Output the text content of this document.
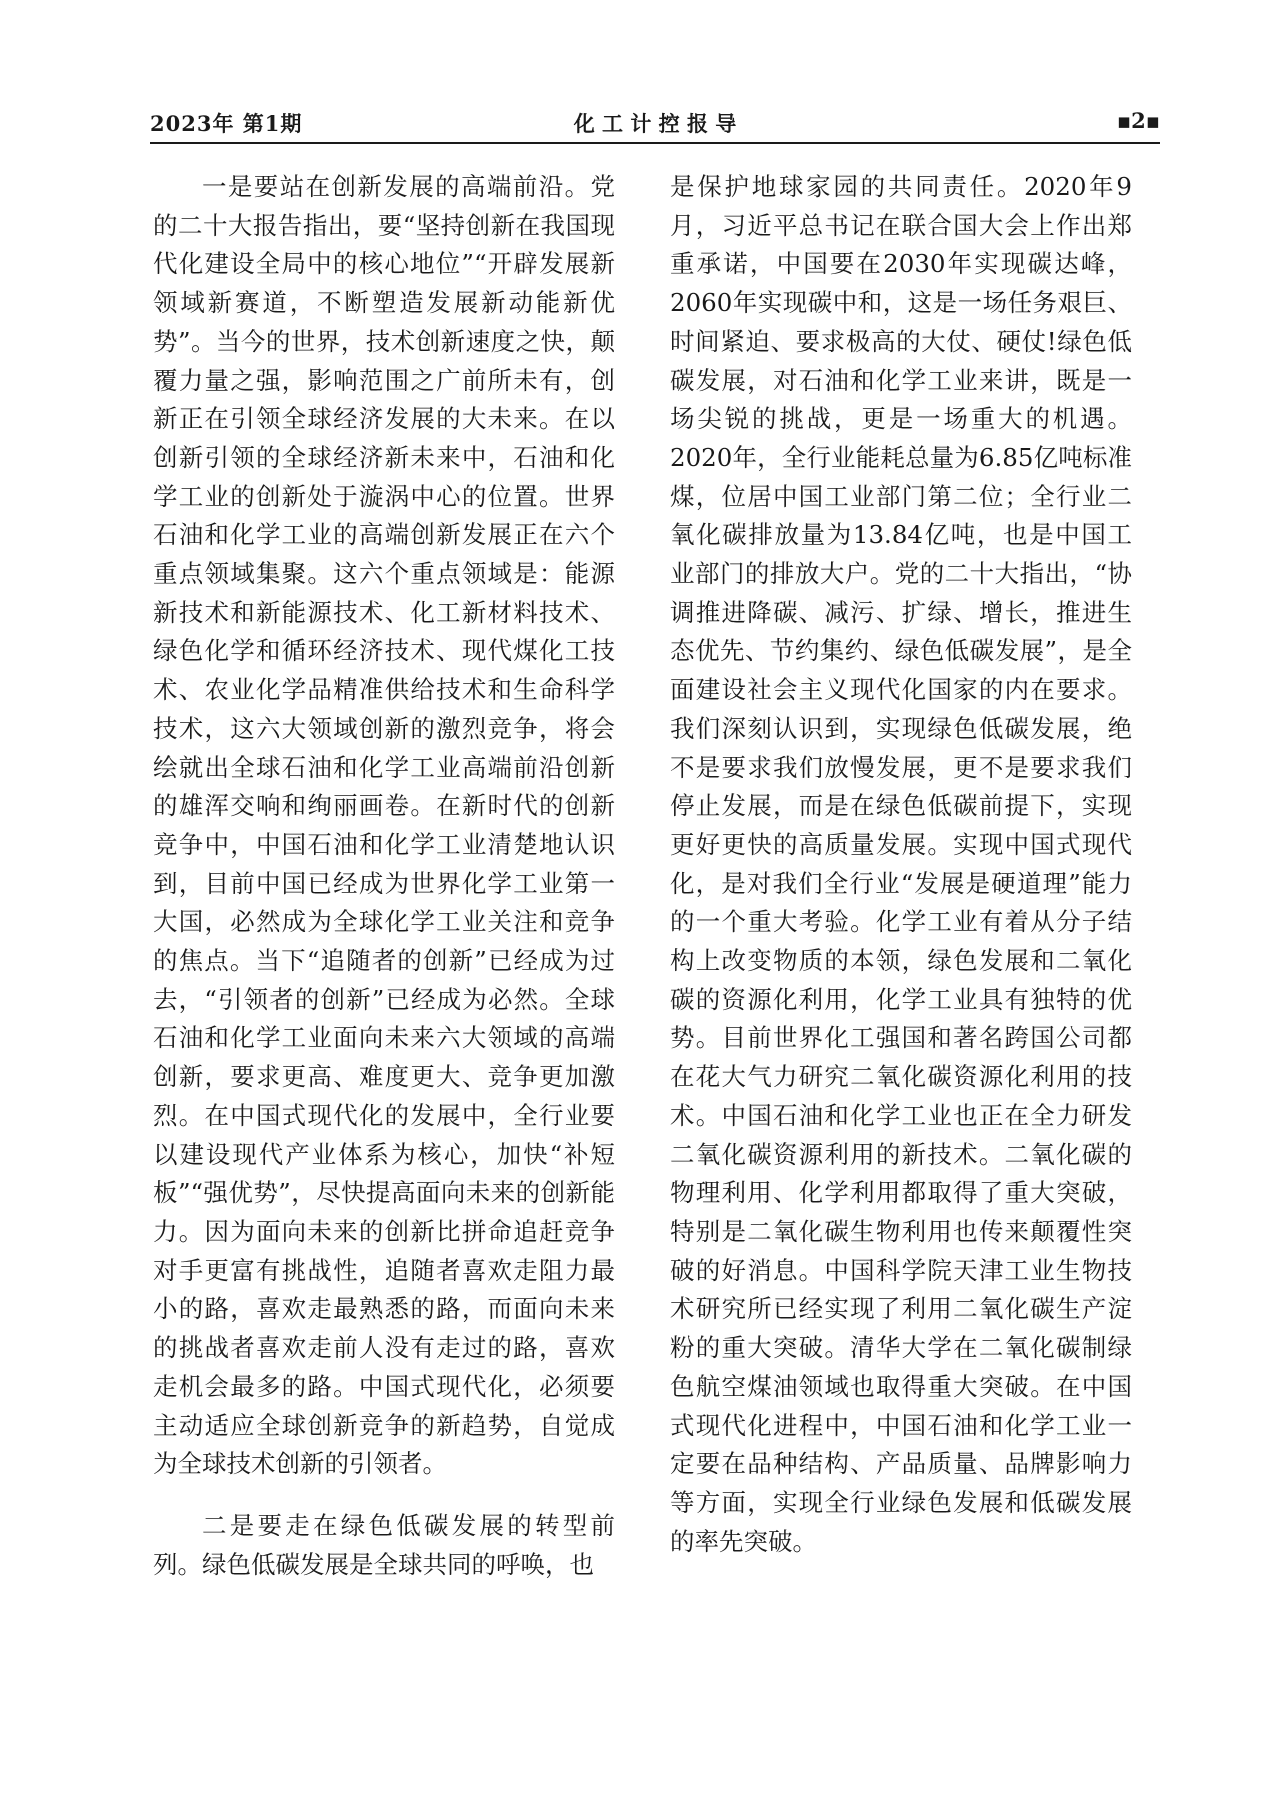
2023年 第1期	化 工 计 控 报 导	▪2▪

一是要站在创新发展的高端前沿。党的二十大报告指出，要“坚持创新在我国现代化建设全局中的核心地位”“开辟发展新领域新赛道，不断塑造发展新动能新优势”。当今的世界，技术创新速度之快，颠覆力量之强，影响范围之广前所未有，创新正在引领全球经济发展的大未来。在以创新引领的全球经济新未来中，石油和化学工业的创新处于漩涡中心的位置。世界石油和化学工业的高端创新发展正在六个重点领域集聚。这六个重点领域是：能源新技术和新能源技术、化工新材料技术、绿色化学和循环经济技术、现代煤化工技术、农业化学品精准供给技术和生命科学技术，这六大领域创新的激烈竞争，将会绘就出全球石油和化学工业高端前沿创新的雄浑交响和绚丽画卷。在新时代的创新竞争中，中国石油和化学工业清楚地认识到，目前中国已经成为世界化学工业第一大国，必然成为全球化学工业关注和竞争的焦点。当下“追随者的创新”已经成为过去，“引领者的创新”已经成为必然。全球石油和化学工业面向未来六大领域的高端创新，要求更高、难度更大、竞争更加激烈。在中国式现代化的发展中，全行业要以建设现代产业体系为核心，加快“补短板”“强优势”，尽快提高面向未来的创新能力。因为面向未来的创新比拼命追赶竞争对手更富有挑战性，追随者喜欢走阻力最小的路，喜欢走最熟悉的路，而面向未来的挑战者喜欢走前人没有走过的路，喜欢走机会最多的路。中国式现代化，必须要主动适应全球创新竞争的新趋势，自觉成为全球技术创新的引领者。

二是要走在绿色低碳发展的转型前列。绿色低碳发展是全球共同的呼唤，也

是保护地球家园的共同责任。2020年9月，习近平总书记在联合国大会上作出郑重承诺，中国要在2030年实现碳达峰，2060年实现碳中和，这是一场任务艰巨、时间紧迫、要求极高的大仗、硬仗!绿色低碳发展，对石油和化学工业来讲，既是一场尖锐的挑战，更是一场重大的机遇。2020年，全行业能耗总量为6.85亿吨标准煤，位居中国工业部门第二位；全行业二氧化碳排放量为13.84亿吨，也是中国工业部门的排放大户。党的二十大指出，“协调推进降碳、减污、扩绿、增长，推进生态优先、节约集约、绿色低碳发展”，是全面建设社会主义现代化国家的内在要求。我们深刻认识到，实现绿色低碳发展，绝不是要求我们放慢发展，更不是要求我们停止发展，而是在绿色低碳前提下，实现更好更快的高质量发展。实现中国式现代化，是对我们全行业“发展是硬道理”能力的一个重大考验。化学工业有着从分子结构上改变物质的本领，绿色发展和二氧化碳的资源化利用，化学工业具有独特的优势。目前世界化工强国和著名跨国公司都在花大气力研究二氧化碳资源化利用的技术。中国石油和化学工业也正在全力研发二氧化碳资源利用的新技术。二氧化碳的物理利用、化学利用都取得了重大突破，特别是二氧化碳生物利用也传来颠覆性突破的好消息。中国科学院天津工业生物技术研究所已经实现了利用二氧化碳生产淀粉的重大突破。清华大学在二氧化碳制绿色航空煤油领域也取得重大突破。在中国式现代化进程中，中国石油和化学工业一定要在品种结构、产品质量、品牌影响力等方面，实现全行业绿色发展和低碳发展的率先突破。
